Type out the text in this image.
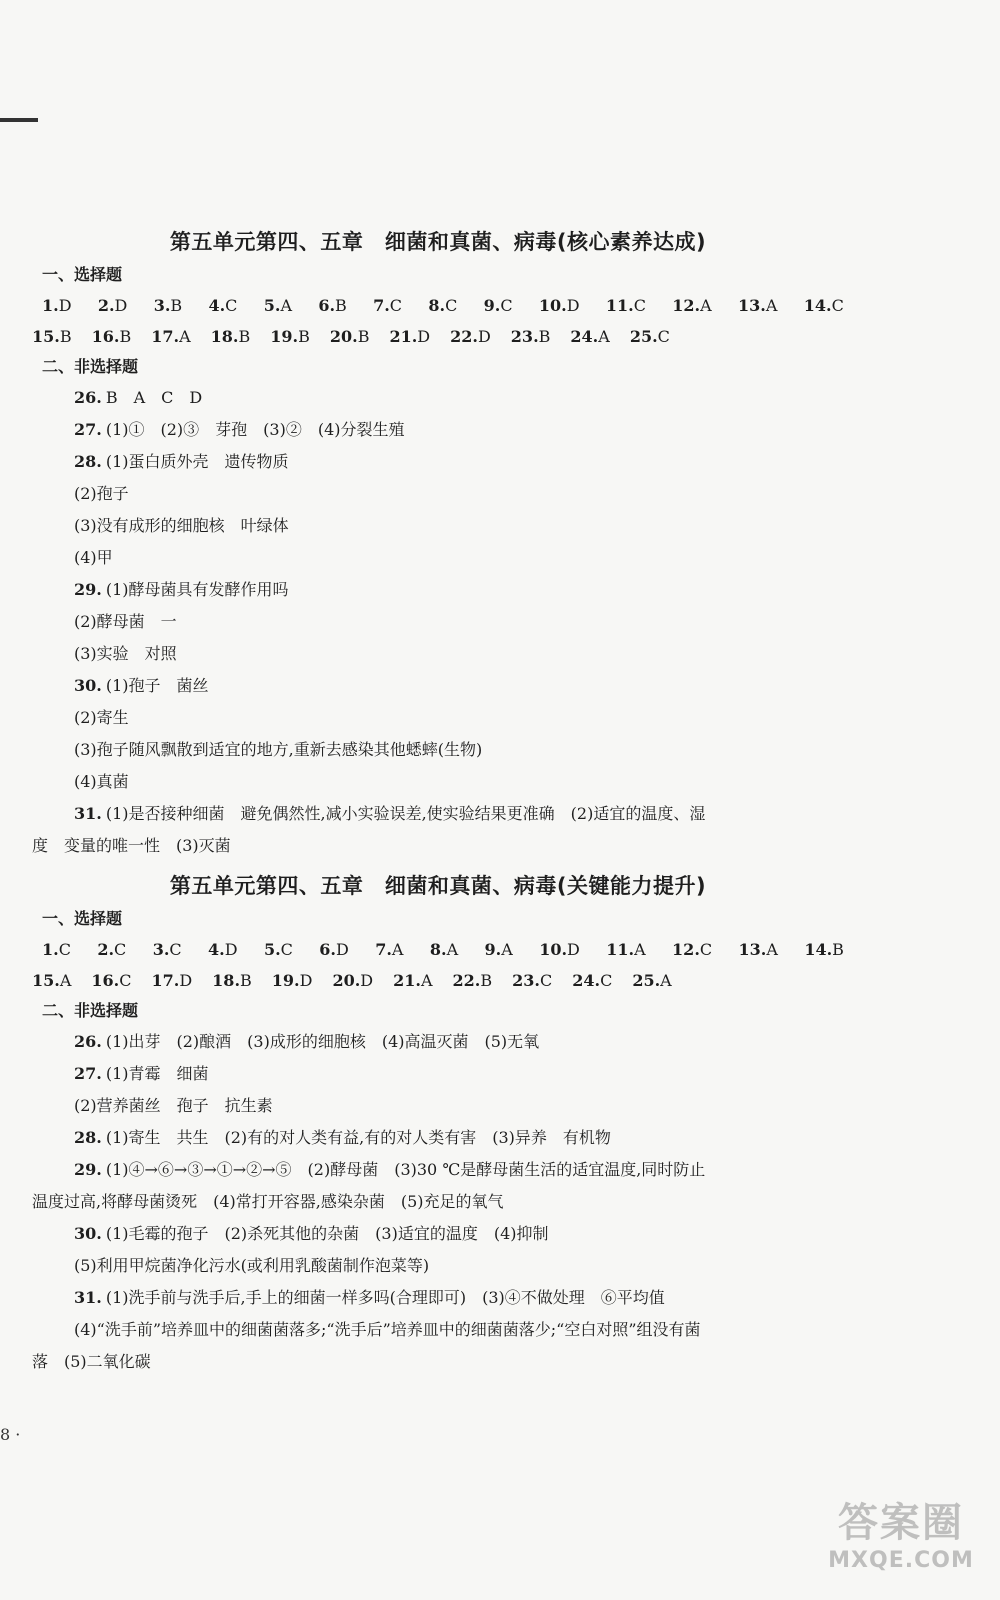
第五单元第四、五章　细菌和真菌、病毒(核心素养达成)
一、选择题
1.D 2.D 3.B 4.C 5.A 6.B 7.C 8.C 9.C 10.D 11.C 12.A 13.A 14.C
15.B 16.B 17.A 18.B 19.B 20.B 21.D 22.D 23.B 24.A 25.C
二、非选择题
26. B　A　C　D
27. (1)①　(2)③　芽孢　(3)②　(4)分裂生殖
28. (1)蛋白质外壳　遗传物质
(2)孢子
(3)没有成形的细胞核　叶绿体
(4)甲
29. (1)酵母菌具有发酵作用吗
(2)酵母菌　一
(3)实验　对照
30. (1)孢子　菌丝
(2)寄生
(3)孢子随风飘散到适宜的地方,重新去感染其他蟋蟀(生物)
(4)真菌
31. (1)是否接种细菌　避免偶然性,减小实验误差,使实验结果更准确　(2)适宜的温度、湿
度　变量的唯一性　(3)灭菌
第五单元第四、五章　细菌和真菌、病毒(关键能力提升)
一、选择题
1.C 2.C 3.C 4.D 5.C 6.D 7.A 8.A 9.A 10.D 11.A 12.C 13.A 14.B
15.A 16.C 17.D 18.B 19.D 20.D 21.A 22.B 23.C 24.C 25.A
二、非选择题
26. (1)出芽　(2)酿酒　(3)成形的细胞核　(4)高温灭菌　(5)无氧
27. (1)青霉　细菌
(2)营养菌丝　孢子　抗生素
28. (1)寄生　共生　(2)有的对人类有益,有的对人类有害　(3)异养　有机物
29. (1)④→⑥→③→①→②→⑤　(2)酵母菌　(3)30 ℃是酵母菌生活的适宜温度,同时防止
温度过高,将酵母菌烫死　(4)常打开容器,感染杂菌　(5)充足的氧气
30. (1)毛霉的孢子　(2)杀死其他的杂菌　(3)适宜的温度　(4)抑制
(5)利用甲烷菌净化污水(或利用乳酸菌制作泡菜等)
31. (1)洗手前与洗手后,手上的细菌一样多吗(合理即可)　(3)④不做处理　⑥平均值
(4)“洗手前”培养皿中的细菌菌落多;“洗手后”培养皿中的细菌菌落少;“空白对照”组没有菌
落　(5)二氧化碳
8 ·
答案圈
MXQE.COM
